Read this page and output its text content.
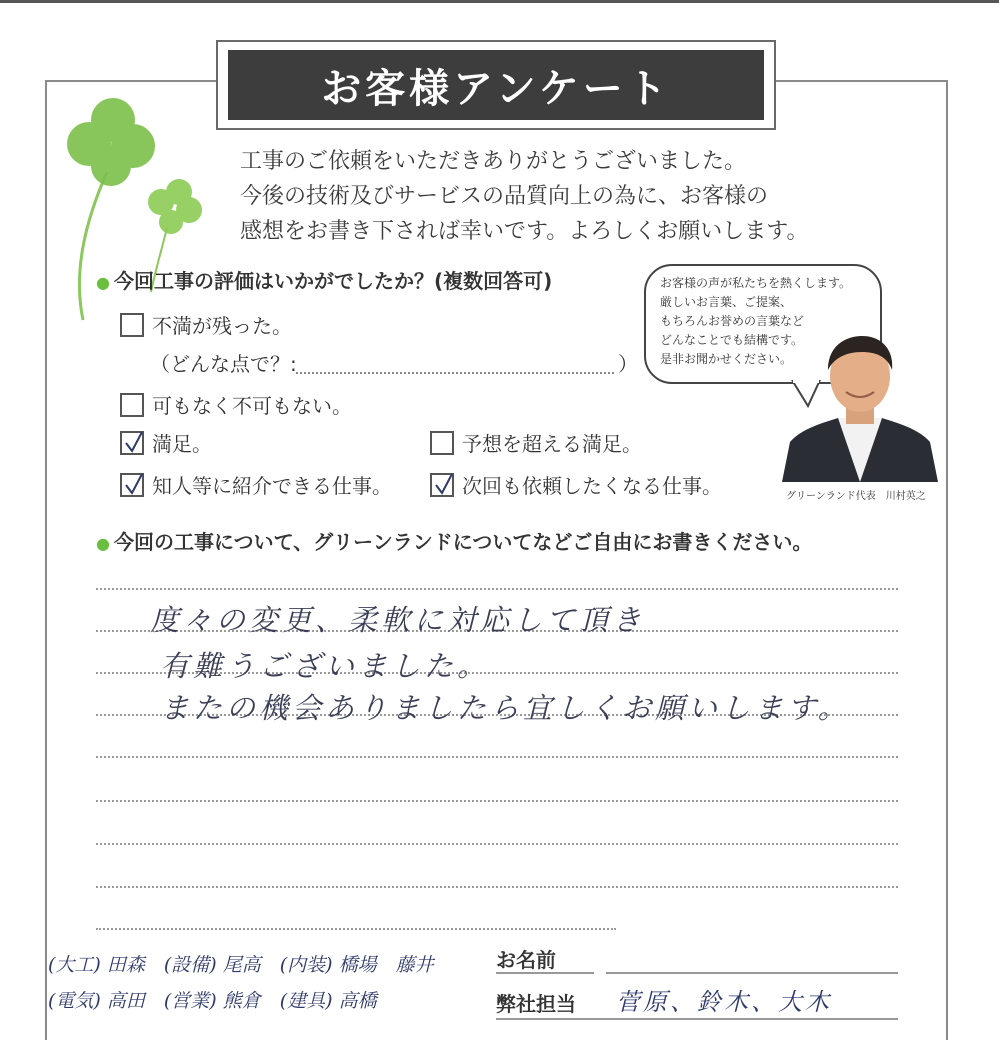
お客様アンケート
工事のご依頼をいただきありがとうございました。
今後の技術及びサービスの品質向上の為に、お客様の
感想をお書き下されば幸いです。よろしくお願いします。
● 今回工事の評価はいかがでしたか？(複数回答可)
不満が残った。
（どんな点で？:	）
可もなく不可もない。
満足。	予想を超える満足。
知人等に紹介できる仕事。	次回も依頼したくなる仕事。
お客様の声が私たちを熱くします。
厳しいお言葉、ご提案、
もちろんお誉めの言葉など
どんなことでも結構です。
是非お聞かせください。
グリーンランド代表　川村英之
● 今回の工事について、グリーンランドについてなどご自由にお書きください。
度々の変更、柔軟に対応して頂き
有難うございました。
またの機会ありましたら宜しくお願いします。
(大工) 田森　(設備) 尾高　(内装) 橋場　藤井
(電気) 高田　(営業) 熊倉　(建具) 高橋
お名前
弊社担当 菅原、鈴木、大木
